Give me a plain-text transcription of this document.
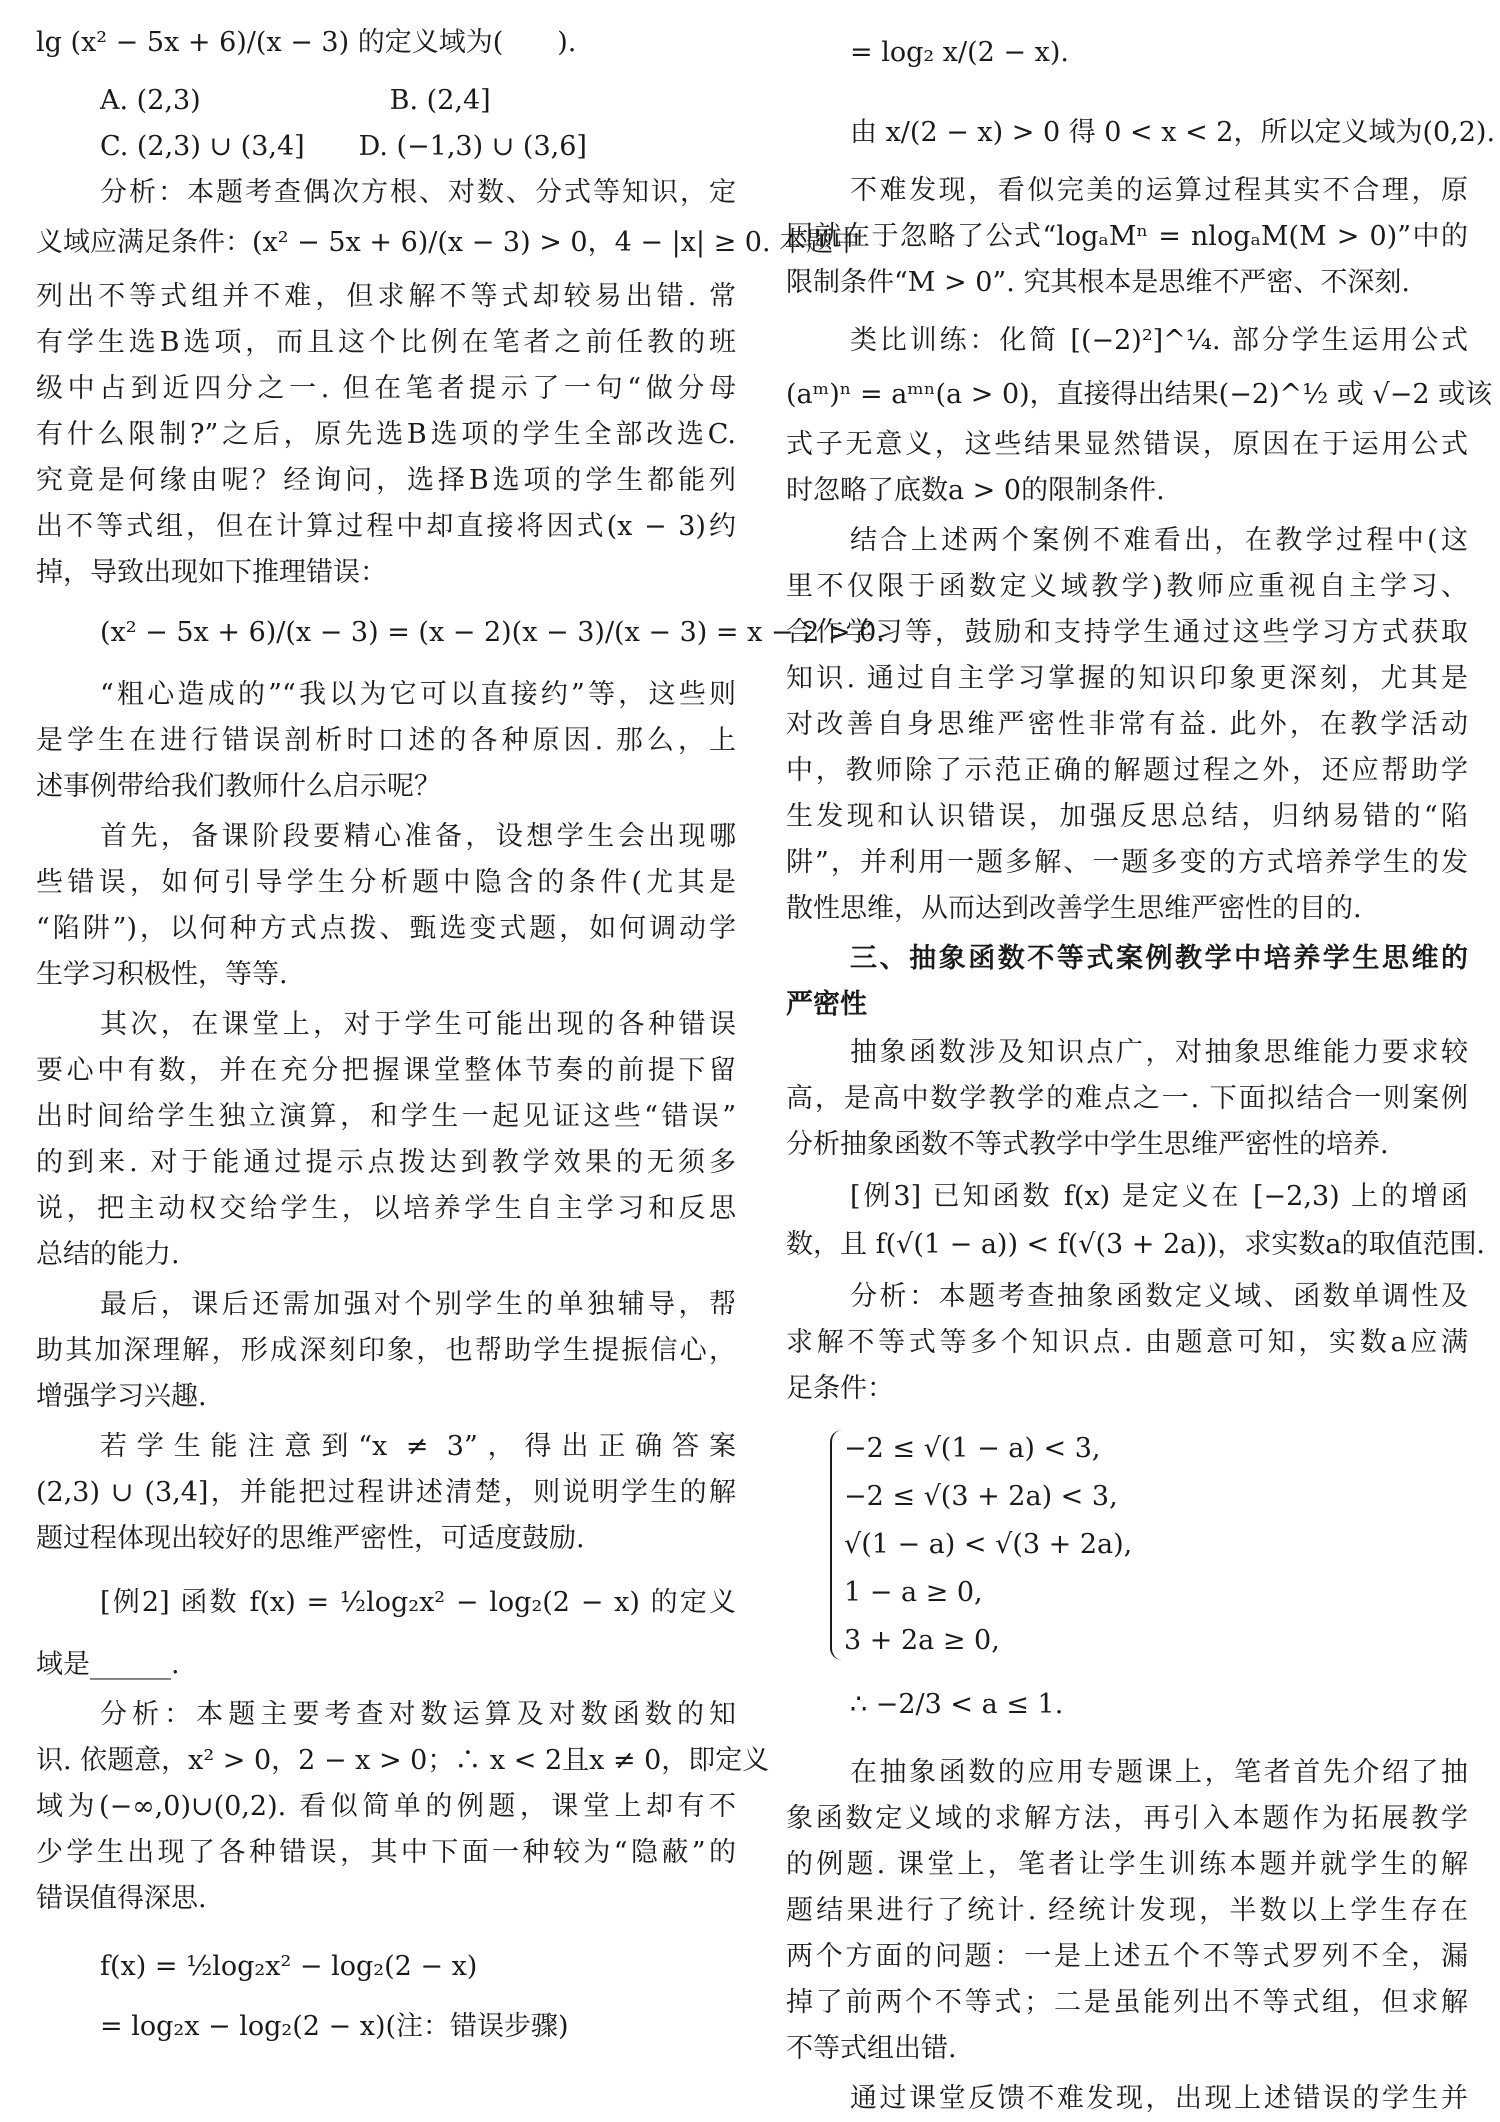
lg (x² − 5x + 6)/(x − 3) 的定义域为(　　).
A. (2,3)　　　　　　　B. (2,4]
C. (2,3) ∪ (3,4]　　D. (−1,3) ∪ (3,6]
分析：本题考查偶次方根、对数、分式等知识，定
义域应满足条件：(x² − 5x + 6)/(x − 3) > 0，4 − |x| ≥ 0. 本题中
列出不等式组并不难，但求解不等式却较易出错. 常
有学生选B选项，而且这个比例在笔者之前任教的班
级中占到近四分之一. 但在笔者提示了一句“做分母
有什么限制?”之后，原先选B选项的学生全部改选C.
究竟是何缘由呢？经询问，选择B选项的学生都能列
出不等式组，但在计算过程中却直接将因式(x − 3)约
掉，导致出现如下推理错误：
(x² − 5x + 6)/(x − 3) = (x − 2)(x − 3)/(x − 3) = x − 2 > 0.
“粗心造成的”“我以为它可以直接约”等，这些则
是学生在进行错误剖析时口述的各种原因. 那么，上
述事例带给我们教师什么启示呢？
首先，备课阶段要精心准备，设想学生会出现哪
些错误，如何引导学生分析题中隐含的条件(尤其是
“陷阱”)，以何种方式点拨、甄选变式题，如何调动学
生学习积极性，等等.
其次，在课堂上，对于学生可能出现的各种错误
要心中有数，并在充分把握课堂整体节奏的前提下留
出时间给学生独立演算，和学生一起见证这些“错误”
的到来. 对于能通过提示点拨达到教学效果的无须多
说，把主动权交给学生，以培养学生自主学习和反思
总结的能力.
最后，课后还需加强对个别学生的单独辅导，帮
助其加深理解，形成深刻印象，也帮助学生提振信心，
增强学习兴趣.
若学生能注意到“x ≠ 3”，得出正确答案
(2,3) ∪ (3,4]，并能把过程讲述清楚，则说明学生的解
题过程体现出较好的思维严密性，可适度鼓励.
[例2] 函数 f(x) = ½log₂x² − log₂(2 − x) 的定义
域是______.
分析：本题主要考查对数运算及对数函数的知
识. 依题意，x² > 0，2 − x > 0；∴ x < 2且x ≠ 0，即定义
域为(−∞,0)∪(0,2). 看似简单的例题，课堂上却有不
少学生出现了各种错误，其中下面一种较为“隐蔽”的
错误值得深思.
f(x) = ½log₂x² − log₂(2 − x)
= log₂x − log₂(2 − x)(注：错误步骤)
= log₂ x/(2 − x).
由 x/(2 − x) > 0 得 0 < x < 2，所以定义域为(0,2).
不难发现，看似完美的运算过程其实不合理，原
因就在于忽略了公式“logₐMⁿ = nlogₐM(M > 0)”中的
限制条件“M > 0”. 究其根本是思维不严密、不深刻.
类比训练：化简 [(−2)²]^¼. 部分学生运用公式
(aᵐ)ⁿ = aᵐⁿ(a > 0)，直接得出结果(−2)^½ 或 √−2 或该
式子无意义，这些结果显然错误，原因在于运用公式
时忽略了底数a > 0的限制条件.
结合上述两个案例不难看出，在教学过程中(这
里不仅限于函数定义域教学)教师应重视自主学习、
合作学习等，鼓励和支持学生通过这些学习方式获取
知识. 通过自主学习掌握的知识印象更深刻，尤其是
对改善自身思维严密性非常有益. 此外，在教学活动
中，教师除了示范正确的解题过程之外，还应帮助学
生发现和认识错误，加强反思总结，归纳易错的“陷
阱”，并利用一题多解、一题多变的方式培养学生的发
散性思维，从而达到改善学生思维严密性的目的.
三、抽象函数不等式案例教学中培养学生思维的
严密性
抽象函数涉及知识点广，对抽象思维能力要求较
高，是高中数学教学的难点之一. 下面拟结合一则案例
分析抽象函数不等式教学中学生思维严密性的培养.
[例3] 已知函数 f(x) 是定义在 [−2,3) 上的增函
数，且 f(√(1 − a)) < f(√(3 + 2a))，求实数a的取值范围.
分析：本题考查抽象函数定义域、函数单调性及
求解不等式等多个知识点. 由题意可知，实数a应满
足条件：
−2 ≤ √(1 − a) < 3,
−2 ≤ √(3 + 2a) < 3,
√(1 − a) < √(3 + 2a),
1 − a ≥ 0,
3 + 2a ≥ 0,
∴ −2/3 < a ≤ 1.
在抽象函数的应用专题课上，笔者首先介绍了抽
象函数定义域的求解方法，再引入本题作为拓展教学
的例题. 课堂上，笔者让学生训练本题并就学生的解
题结果进行了统计. 经统计发现，半数以上学生存在
两个方面的问题：一是上述五个不等式罗列不全，漏
掉了前两个不等式；二是虽能列出不等式组，但求解
不等式组出错.
通过课堂反馈不难发现，出现上述错误的学生并
